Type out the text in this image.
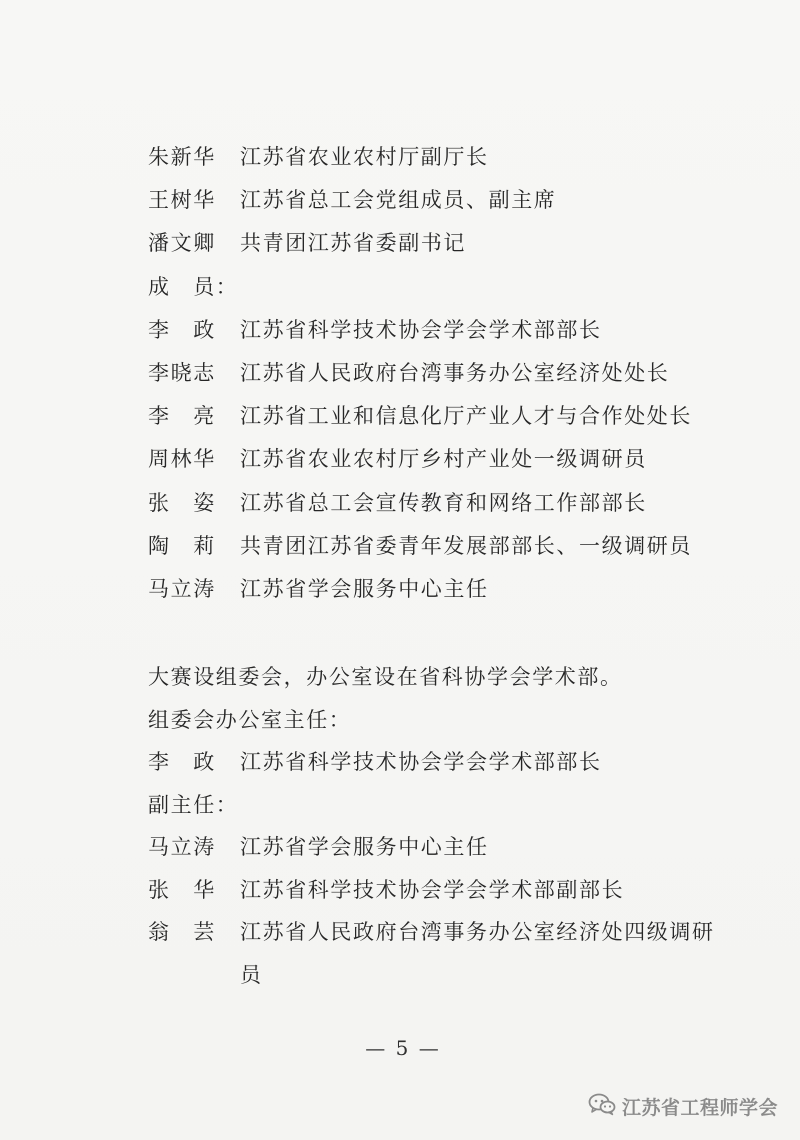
朱新华	江苏省农业农村厅副厅长
王树华	江苏省总工会党组成员、副主席
潘文卿	共青团江苏省委副书记
成　员：
李　政	江苏省科学技术协会学会学术部部长
李晓志	江苏省人民政府台湾事务办公室经济处处长
李　亮	江苏省工业和信息化厅产业人才与合作处处长
周林华	江苏省农业农村厅乡村产业处一级调研员
张　姿	江苏省总工会宣传教育和网络工作部部长
陶　莉	共青团江苏省委青年发展部部长、一级调研员
马立涛	江苏省学会服务中心主任
大赛设组委会，办公室设在省科协学会学术部。
组委会办公室主任：
李　政	江苏省科学技术协会学会学术部部长
副主任：
马立涛	江苏省学会服务中心主任
张　华	江苏省科学技术协会学会学术部副部长
翁　芸	江苏省人民政府台湾事务办公室经济处四级调研员
— 5 —
江苏省工程师学会
